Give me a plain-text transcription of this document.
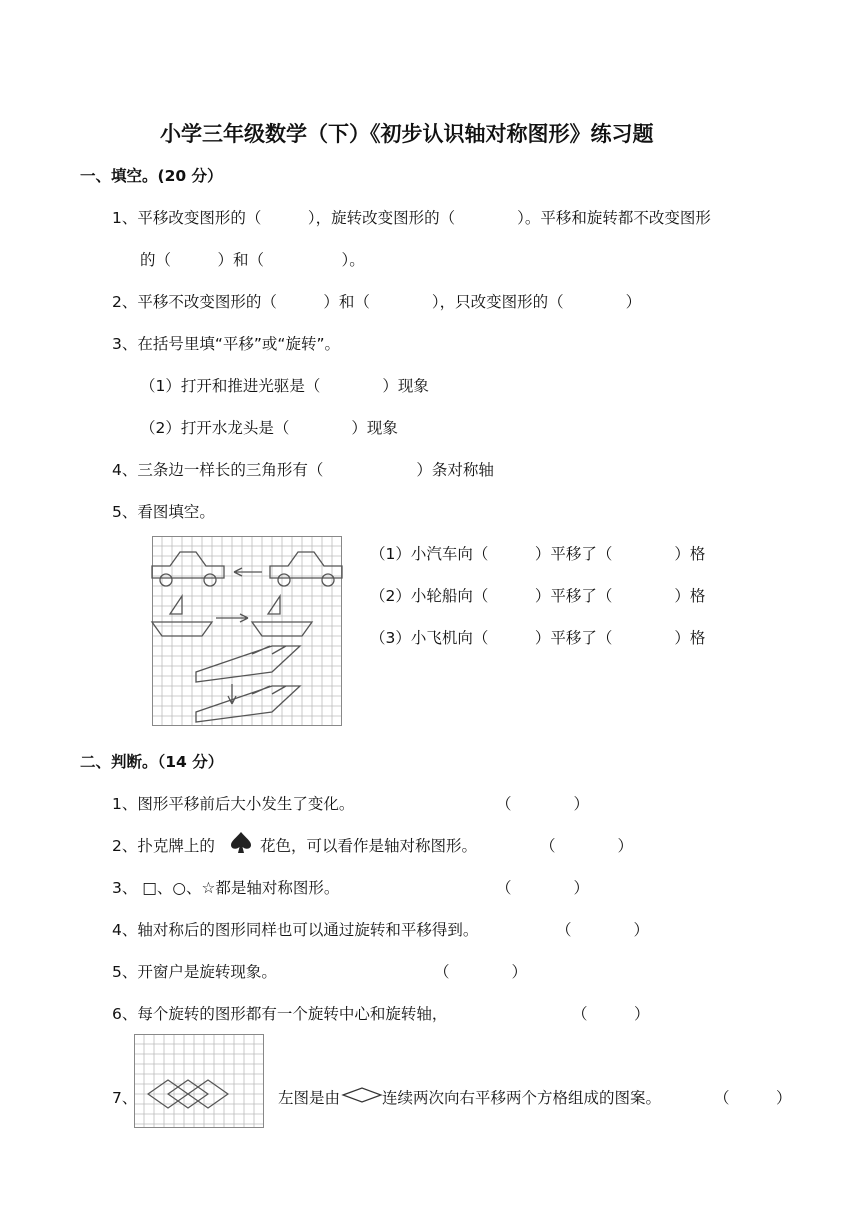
小学三年级数学（下）《初步认识轴对称图形》练习题
一、填空。(20 分）
1、平移改变图形的（　　　），旋转改变图形的（　　　　）。平移和旋转都不改变图形
的（　　　）和（　　　　　）。
2、平移不改变图形的（　　　）和（　　　　），只改变图形的（　　　　）
3、在括号里填“平移”或“旋转”。
（1）打开和推进光驱是（　　　　）现象
（2）打开水龙头是（　　　　）现象
4、三条边一样长的三角形有（　　　　　　）条对称轴
5、看图填空。
（1）小汽车向（　　　）平移了（　　　　）格
（2）小轮船向（　　　）平移了（　　　　）格
（3）小飞机向（　　　）平移了（　　　　）格
二、判断。（14 分）
1、图形平移前后大小发生了变化。	（　　　　）
2、扑克牌上的	花色，可以看作是轴对称图形。	（　　　　）
3、 □、○、☆都是轴对称图形。	（　　　　）
4、轴对称后的图形同样也可以通过旋转和平移得到。	（　　　　）
5、开窗户是旋转现象。	（　　　　）
6、每个旋转的图形都有一个旋转中心和旋转轴，	（　　　）
7、	左图是由	连续两次向右平移两个方格组成的图案。	（　　　）
